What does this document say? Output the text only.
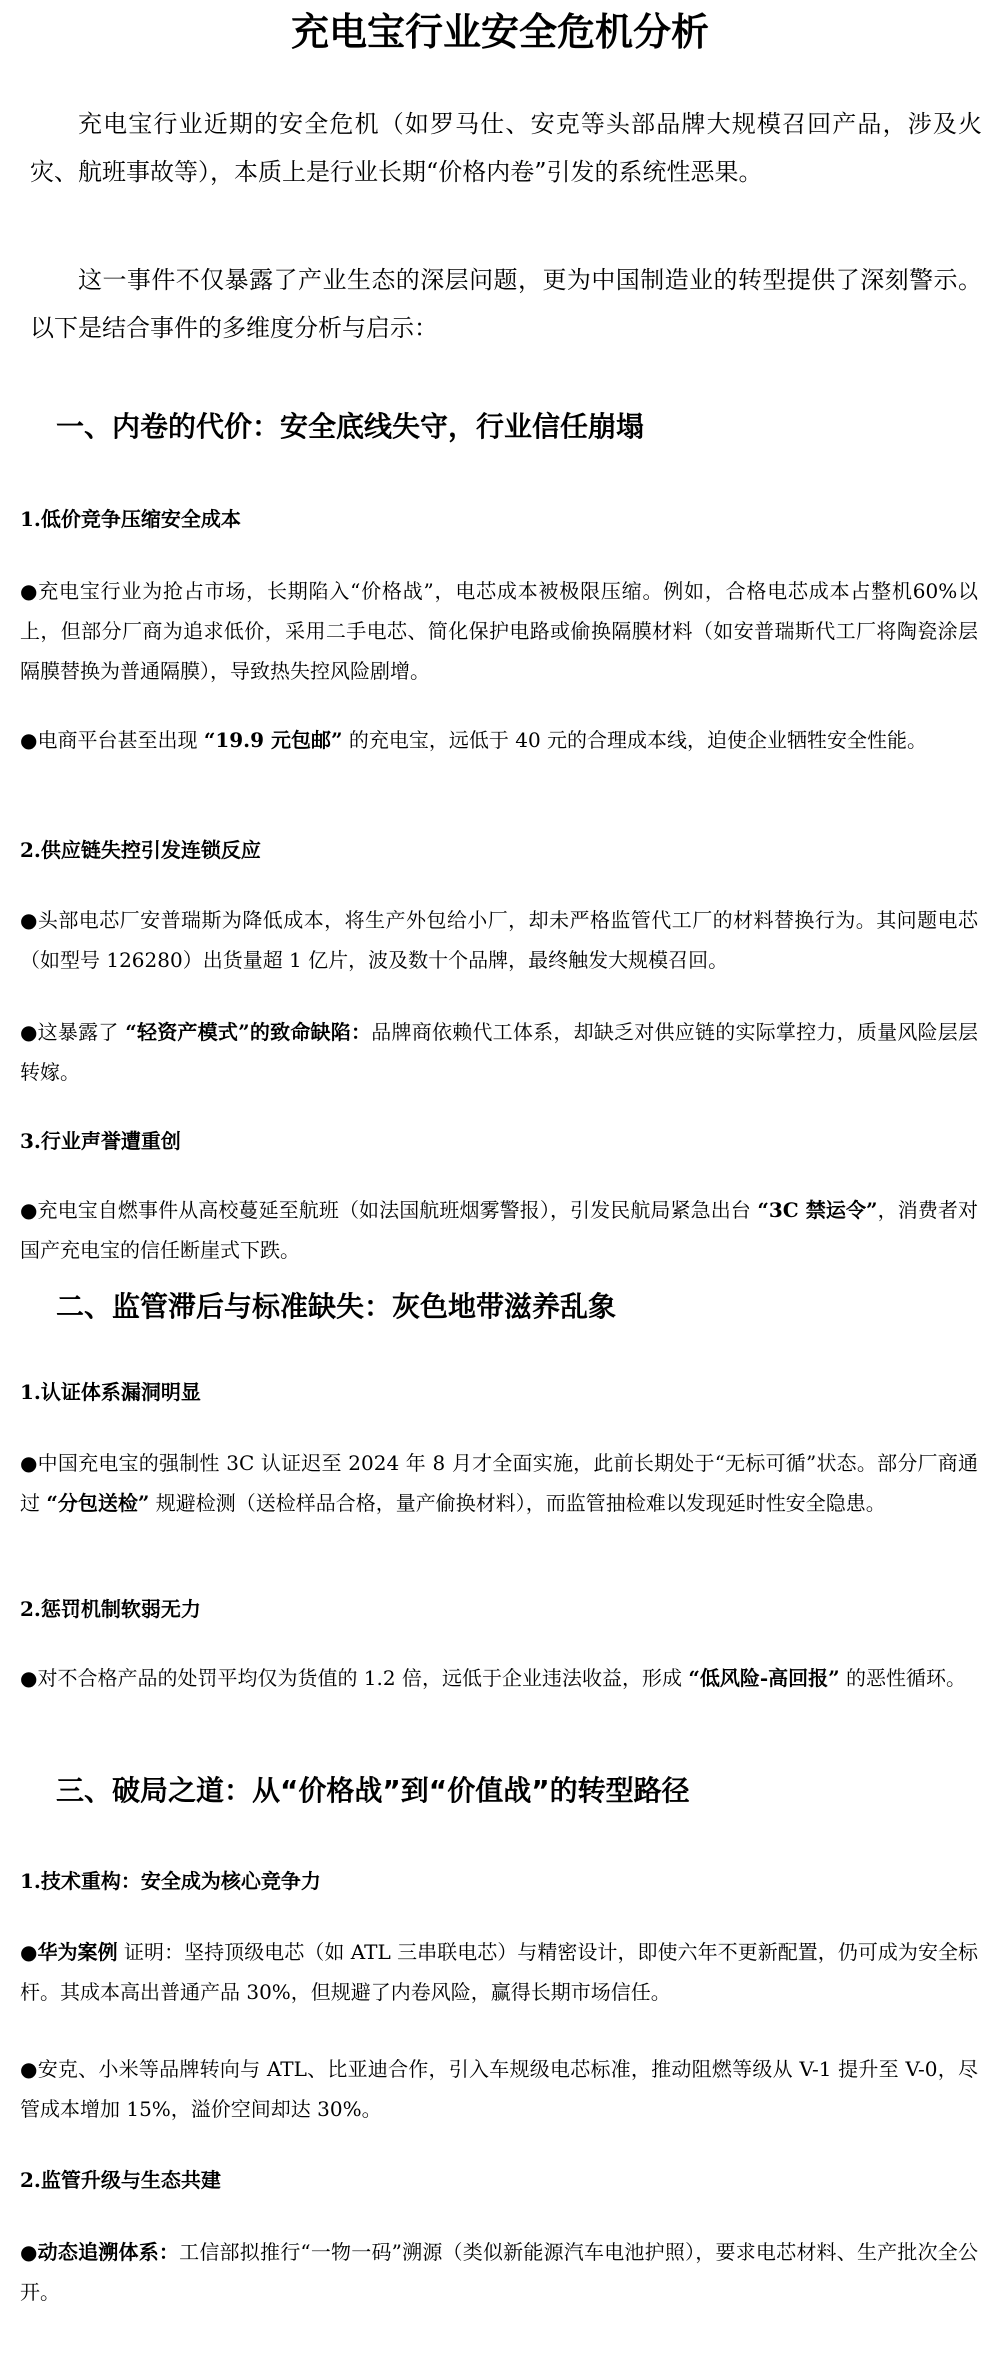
充电宝行业安全危机分析

充电宝行业近期的安全危机（如罗马仕、安克等头部品牌大规模召回产品，涉及火灾、航班事故等），本质上是行业长期“价格内卷”引发的系统性恶果。

这一事件不仅暴露了产业生态的深层问题，更为中国制造业的转型提供了深刻警示。以下是结合事件的多维度分析与启示：

一、内卷的代价：安全底线失守，行业信任崩塌
1.低价竞争压缩安全成本

●充电宝行业为抢占市场，长期陷入“价格战”，电芯成本被极限压缩。例如，合格电芯成本占整机60%以上，但部分厂商为追求低价，采用二手电芯、简化保护电路或偷换隔膜材料（如安普瑞斯代工厂将陶瓷涂层隔膜替换为普通隔膜），导致热失控风险剧增。

●电商平台甚至出现 “19.9 元包邮” 的充电宝，远低于 40 元的合理成本线，迫使企业牺牲安全性能。

2.供应链失控引发连锁反应

●头部电芯厂安普瑞斯为降低成本，将生产外包给小厂，却未严格监管代工厂的材料替换行为。其问题电芯（如型号 126280）出货量超 1 亿片，波及数十个品牌，最终触发大规模召回。

●这暴露了 “轻资产模式”的致命缺陷：品牌商依赖代工体系，却缺乏对供应链的实际掌控力，质量风险层层转嫁。

3.行业声誉遭重创

●充电宝自燃事件从高校蔓延至航班（如法国航班烟雾警报），引发民航局紧急出台 “3C 禁运令”，消费者对国产充电宝的信任断崖式下跌。

二、监管滞后与标准缺失：灰色地带滋养乱象
1.认证体系漏洞明显

●中国充电宝的强制性 3C 认证迟至 2024 年 8 月才全面实施，此前长期处于“无标可循”状态。部分厂商通过 “分包送检” 规避检测（送检样品合格，量产偷换材料），而监管抽检难以发现延时性安全隐患。

2.惩罚机制软弱无力

●对不合格产品的处罚平均仅为货值的 1.2 倍，远低于企业违法收益，形成 “低风险-高回报” 的恶性循环。

三、破局之道：从“价格战”到“价值战”的转型路径
1.技术重构：安全成为核心竞争力

●华为案例 证明：坚持顶级电芯（如 ATL 三串联电芯）与精密设计，即使六年不更新配置，仍可成为安全标杆。其成本高出普通产品 30%，但规避了内卷风险，赢得长期市场信任。

●安克、小米等品牌转向与 ATL、比亚迪合作，引入车规级电芯标准，推动阻燃等级从 V-1 提升至 V-0，尽管成本增加 15%，溢价空间却达 30%。

2.监管升级与生态共建

●动态追溯体系：工信部拟推行“一物一码”溯源（类似新能源汽车电池护照），要求电芯材料、生产批次全公开。
